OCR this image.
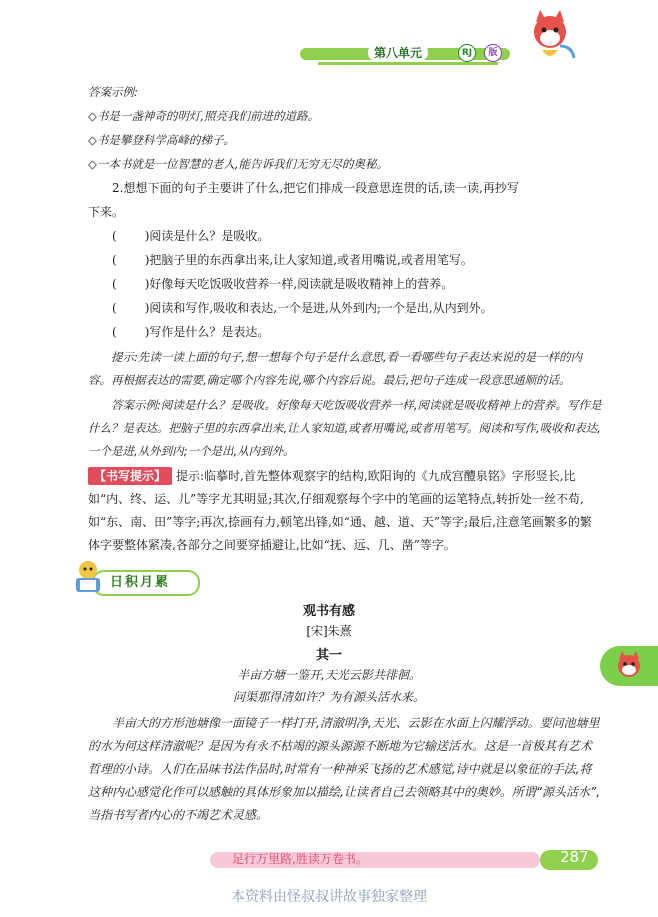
第八单元	RJ	版
答案示例:
◇书是一盏神奇的明灯,照亮我们前进的道路。
◇书是攀登科学高峰的梯子。
◇一本书就是一位智慧的老人,能告诉我们无穷无尽的奥秘。
2.想想下面的句子主要讲了什么,把它们排成一段意思连贯的话,读一读,再抄写
下来。
( )阅读是什么？是吸收。
( )把脑子里的东西拿出来,让人家知道,或者用嘴说,或者用笔写。
( )好像每天吃饭吸收营养一样,阅读就是吸收精神上的营养。
( )阅读和写作,吸收和表达,一个是进,从外到内;一个是出,从内到外。
( )写作是什么？是表达。
提示:先读一读上面的句子,想一想每个句子是什么意思,看一看哪些句子表达来说的是一样的内容。再根据表达的需要,确定哪个内容先说,哪个内容后说。最后,把句子连成一段意思通顺的话。
答案示例:阅读是什么？是吸收。好像每天吃饭吸收营养一样,阅读就是吸收精神上的营养。写作是什么？是表达。把脑子里的东西拿出来,让人家知道,或者用嘴说,或者用笔写。阅读和写作,吸收和表达,一个是进,从外到内;一个是出,从内到外。
【书写提示】 提示:临摹时,首先整体观察字的结构,欧阳询的《九成宫醴泉铭》字形竖长,比如“内、终、运、儿”等字尤其明显;其次,仔细观察每个字中的笔画的运笔特点,转折处一丝不苟,如“东、南、田”等字;再次,捺画有力,顿笔出锋,如“通、越、道、天”等字;最后,注意笔画繁多的繁体字要整体紧凑,各部分之间要穿插避让,比如“抚、远、几、凿”等字。
日积月累
观书有感
[宋]朱熹
其一
半亩方塘一鉴开,天光云影共徘徊。
问渠那得清如许？为有源头活水来。
半亩大的方形池塘像一面镜子一样打开,清澈明净,天光、云影在水面上闪耀浮动。要问池塘里的水为何这样清澈呢？是因为有永不枯竭的源头源源不断地为它输送活水。这是一首极其有艺术哲理的小诗。人们在品味书法作品时,时常有一种神采飞扬的艺术感觉,诗中就是以象征的手法,将这种内心感觉化作可以感触的具体形象加以描绘,让读者自己去领略其中的奥妙。所谓“源头活水”,当指书写者内心的不竭艺术灵感。
足行万里路,胜读万卷书。	287
本资料由怪叔叔讲故事独家整理
